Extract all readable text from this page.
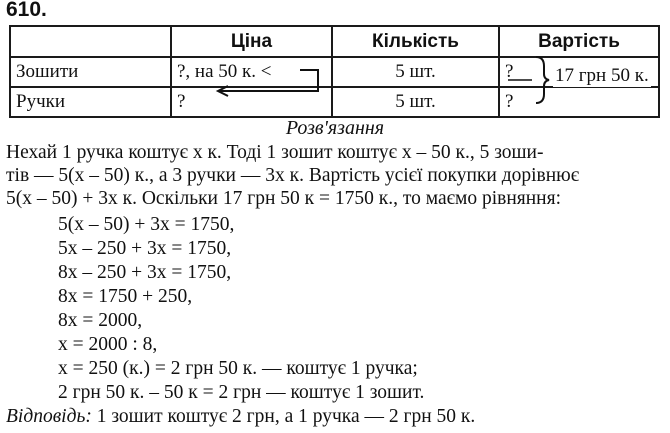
610.
	Ціна	Кількість	Вартість
Зошити	?, на 50 к. <	5 шт.	?
Ручки	?	5 шт.	?
17 грн 50 к.
Розв'язання
Нехай 1 ручка коштує x к. Тоді 1 зошит коштує x – 50 к., 5 зоши-
тів — 5(x – 50) к., а 3 ручки — 3x к. Вартість усієї покупки дорівнює
5(x – 50) + 3x к. Оскільки 17 грн 50 к = 1750 к., то маємо рівняння:
5(x – 50) + 3x = 1750,
5x – 250 + 3x = 1750,
8x – 250 + 3x = 1750,
8x = 1750 + 250,
8x = 2000,
x = 2000 : 8,
x = 250 (к.) = 2 грн 50 к. — коштує 1 ручка;
2 грн 50 к. – 50 к = 2 грн — коштує 1 зошит.
Відповідь: 1 зошит коштує 2 грн, а 1 ручка — 2 грн 50 к.
